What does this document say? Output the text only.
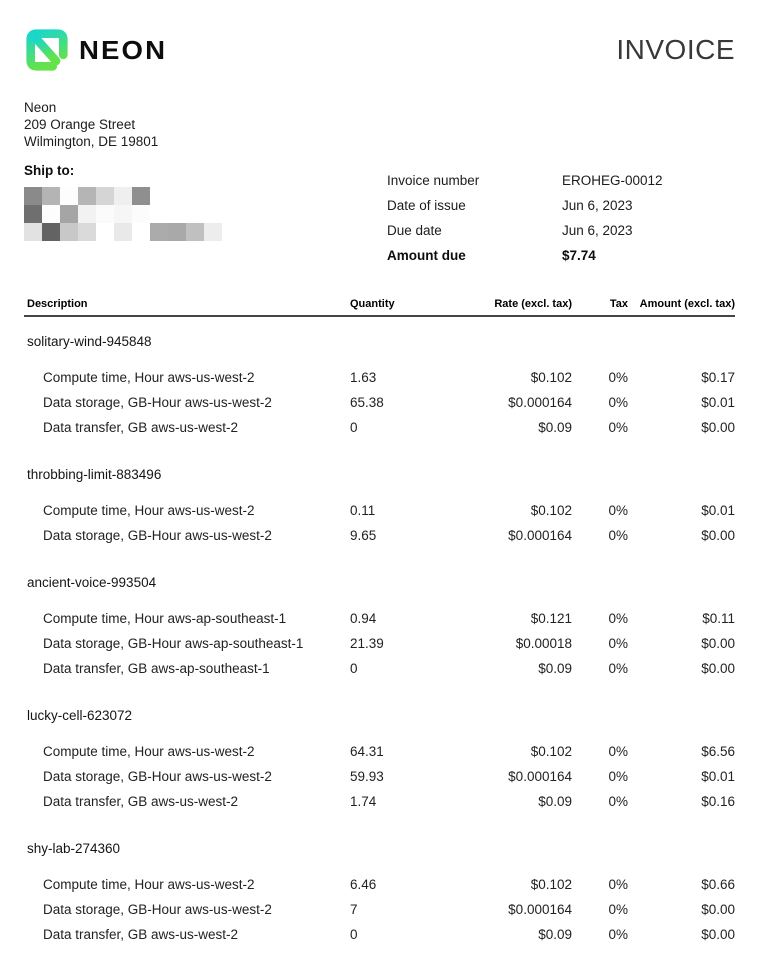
NEON	INVOICE
Neon
209 Orange Street
Wilmington, DE 19801
Ship to:
Invoice number	EROHEG-00012
Date of issue	Jun 6, 2023
Due date	Jun 6, 2023
Amount due	$7.74
Description	Quantity	Rate (excl. tax)	Tax	Amount (excl. tax)
solitary-wind-945848
Compute time, Hour aws-us-west-2	1.63	$0.102	0%	$0.17
Data storage, GB-Hour aws-us-west-2	65.38	$0.000164	0%	$0.01
Data transfer, GB aws-us-west-2	0	$0.09	0%	$0.00
throbbing-limit-883496
Compute time, Hour aws-us-west-2	0.11	$0.102	0%	$0.01
Data storage, GB-Hour aws-us-west-2	9.65	$0.000164	0%	$0.00
ancient-voice-993504
Compute time, Hour aws-ap-southeast-1	0.94	$0.121	0%	$0.11
Data storage, GB-Hour aws-ap-southeast-1	21.39	$0.00018	0%	$0.00
Data transfer, GB aws-ap-southeast-1	0	$0.09	0%	$0.00
lucky-cell-623072
Compute time, Hour aws-us-west-2	64.31	$0.102	0%	$6.56
Data storage, GB-Hour aws-us-west-2	59.93	$0.000164	0%	$0.01
Data transfer, GB aws-us-west-2	1.74	$0.09	0%	$0.16
shy-lab-274360
Compute time, Hour aws-us-west-2	6.46	$0.102	0%	$0.66
Data storage, GB-Hour aws-us-west-2	7	$0.000164	0%	$0.00
Data transfer, GB aws-us-west-2	0	$0.09	0%	$0.00
